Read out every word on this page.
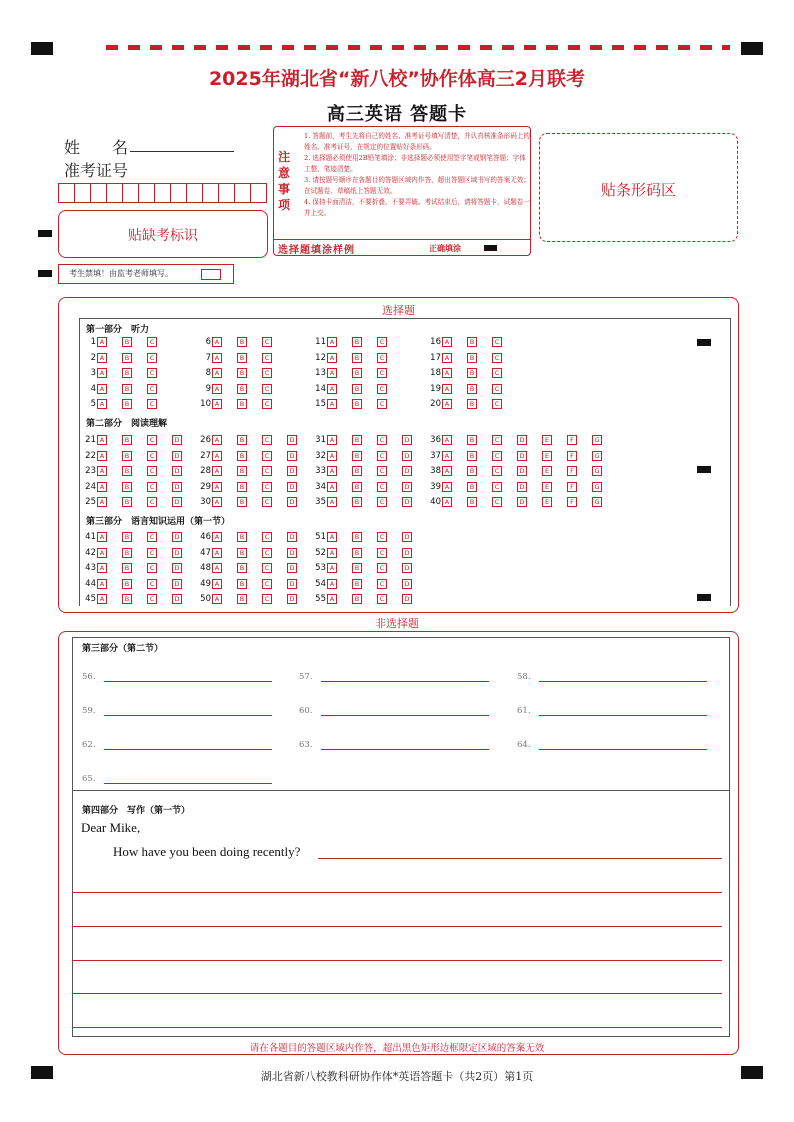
2025年湖北省“新八校”协作体高三2月联考
高三英语 答题卡
姓　　名
准考证号
贴缺考标识
考生禁填！由监考老师填写。
注意事项
1. 答题前，考生先将自己的姓名、准考证号填写清楚，并认真核准条形码上的姓名、准考证号，在规定的位置贴好条形码。
2. 选择题必须使用2B铅笔填涂；非选择题必须使用签字笔或钢笔答题；字体工整、笔迹清楚。
3. 请按题号顺序在各题目的答题区域内作答，超出答题区域书写的答案无效；在试题卷、草稿纸上答题无效。
4. 保持卡面清洁，不要折叠、不要弄破。考试结束后，请将答题卡，试题卷一并上交。
选择题填涂样例	正确填涂
贴条形码区
选择题
第一部分　听力
第二部分　阅读理解
第三部分　语言知识运用（第一节）
1 A	B	C
2 A	B	C
3 A	B	C
4 A	B	C
5 A	B	C
6 A	B	C
7 A	B	C
8 A	B	C
9 A	B	C
10 A	B	C
11 A	B	C
12 A	B	C
13 A	B	C
14 A	B	C
15 A	B	C
16 A	B	C
17 A	B	C
18 A	B	C
19 A	B	C
20 A	B	C
21 A	B	C	D
22 A	B	C	D
23 A	B	C	D
24 A	B	C	D
25 A	B	C	D
26 A	B	C	D
27 A	B	C	D
28 A	B	C	D
29 A	B	C	D
30 A	B	C	D
31 A	B	C	D
32 A	B	C	D
33 A	B	C	D
34 A	B	C	D
35 A	B	C	D
36 A	B	C	D	E	F	G
37 A	B	C	D	E	F	G
38 A	B	C	D	E	F	G
39 A	B	C	D	E	F	G
40 A	B	C	D	E	F	G
41 A	B	C	D
42 A	B	C	D
43 A	B	C	D
44 A	B	C	D
45 A	B	C	D
46 A	B	C	D
47 A	B	C	D
48 A	B	C	D
49 A	B	C	D
50 A	B	C	D
51 A	B	C	D
52 A	B	C	D
53 A	B	C	D
54 A	B	C	D
55 A	B	C	D
非选择题
第三部分（第二节）
56.	57.	58.
59.	60.	61.
62.	63.	64.
65.
第四部分　写作（第一节）
Dear Mike,
How have you been doing recently?
请在各题目的答题区域内作答，超出黑色矩形边框限定区域的答案无效
湖北省新八校教科研协作体*英语答题卡（共2页）第1页
